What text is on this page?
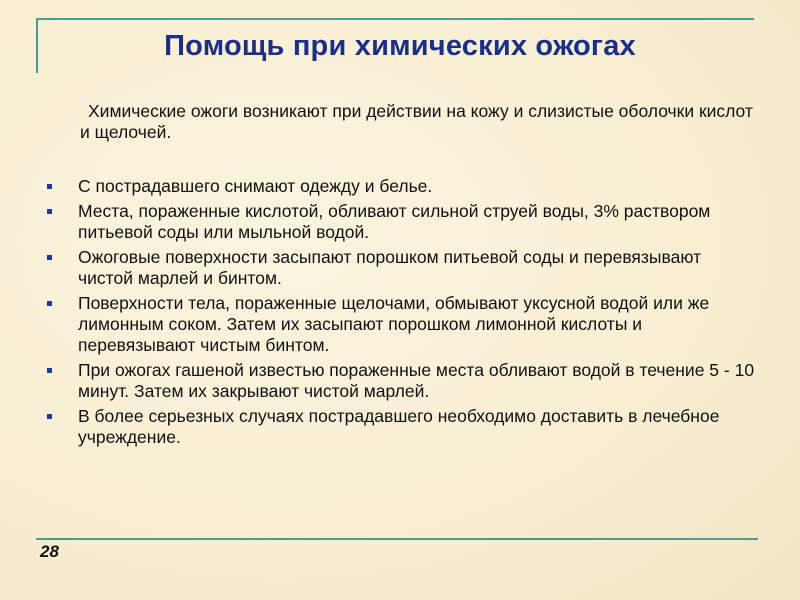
Помощь при химических ожогах
Химические ожоги возникают при действии на кожу и слизистые оболочки кислот и щелочей.
С пострадавшего снимают одежду и белье.
Места, пораженные кислотой, обливают сильной струей воды, 3% раствором питьевой соды или мыльной водой.
Ожоговые поверхности засыпают порошком питьевой соды и перевязывают чистой марлей и бинтом.
Поверхности тела, пораженные щелочами, обмывают уксусной водой или же лимонным соком. Затем их засыпают порошком лимонной кислоты и перевязывают чистым бинтом.
При ожогах гашеной известью пораженные места обливают водой в течение 5 - 10 минут. Затем их закрывают чистой марлей.
В более серьезных случаях пострадавшего необходимо доставить в лечебное учреждение.
28
